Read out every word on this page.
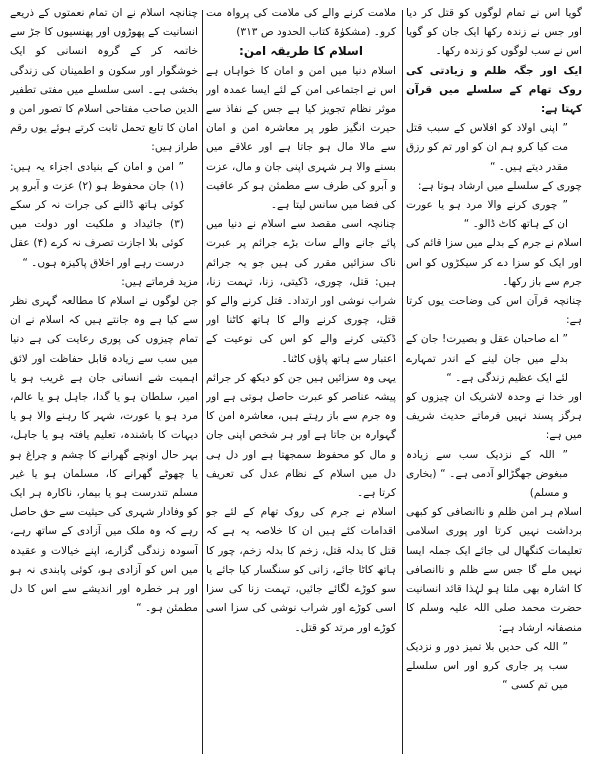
گویا اس نے تمام لوگوں کو قتل کر دیا اور جس نے زندہ رکھا ایک جان کو گویا اس نے سب لوگوں کو زندہ رکھا۔

ایک اور جگہ ظلم و زیادتی کی روک تھام کے سلسلے میں قرآن کہتا ہے:

” اپنی اولاد کو افلاس کے سبب قتل مت کیا کرو ہم ان کو اور تم کو رزق مقدر دیتے ہیں۔ “

چوری کے سلسلے میں ارشاد ہوتا ہے:

” چوری کرنے والا مرد ہو یا عورت ان کے ہاتھ کاٹ ڈالو۔ “

اسلام نے جرم کے بدلے میں سزا قائم کی اور ایک کو سزا دے کر سیکڑوں کو اس جرم سے باز رکھا۔

چنانچہ قرآن اس کی وضاحت یوں کرتا ہے:

” اے صاحبان عقل و بصیرت! جان کے بدلے میں جان لینے کے اندر تمہارے لئے ایک عظیم زندگی ہے۔ “

اور خدا نے وحدہ لاشریک ان چیزوں کو ہرگز پسند نہیں فرماتے حدیث شریف میں ہے:

” اللہ کے نزدیک سب سے زیادہ مبغوض جھگڑالو آدمی ہے۔ “ (بخاری و مسلم)

اسلام ہر امن ظلم و ناانصافی کو کبھی برداشت نہیں کرتا اور پوری اسلامی تعلیمات کنگھال لی جائے ایک جملہ ایسا نہیں ملے گا جس سے ظلم و ناانصافی کا اشارہ بھی ملتا ہو لہٰذا قائد انسانیت حضرت محمد صلی اللہ علیہ وسلم کا منصفانہ ارشاد ہے:

” اللہ کی حدیں بلا تمیز دور و نزدیک سب پر جاری کرو اور اس سلسلے میں تم کسی “

ملامت کرنے والے کی ملامت کی پرواہ مت کرو۔ (مشکوٰۃ کتاب الحدود ص ۳۱۳)

اسلام کا طریقہ امن:

اسلام دنیا میں امن و امان کا خواہاں ہے اس نے اجتماعی امن کے لئے ایسا عمدہ اور موثر نظام تجویز کیا ہے جس کے نفاذ سے حیرت انگیز طور پر معاشرہ امن و امان سے مالا مال ہو جاتا ہے اور علاقے میں بسنے والا ہر شہری اپنی جان و مال، عزت و آبرو کی طرف سے مطمئن ہو کر عافیت کی فضا میں سانس لیتا ہے۔

چنانچہ اسی مقصد سے اسلام نے دنیا میں پائے جانے والے سات بڑے جرائم پر عبرت ناک سزائیں مقرر کی ہیں جو یہ جرائم ہیں: قتل، چوری، ڈکیتی، زنا، تہمت زنا، شراب نوشی اور ارتداد۔ قتل کرنے والے کو قتل، چوری کرنے والے کا ہاتھ کاٹنا اور ڈکیتی کرنے والے کو اس کی نوعیت کے اعتبار سے ہاتھ پاؤں کاٹنا۔

یہی وہ سزائیں ہیں جن کو دیکھ کر جرائم پیشہ عناصر کو عبرت حاصل ہوتی ہے اور وہ جرم سے باز رہتے ہیں، معاشرہ امن کا گہوارہ بن جاتا ہے اور ہر شخص اپنی جان و مال کو محفوظ سمجھتا ہے اور دل ہی دل میں اسلام کے نظام عدل کی تعریف کرتا ہے۔

اسلام نے جرم کی روک تھام کے لئے جو اقدامات کئے ہیں ان کا خلاصہ یہ ہے کہ قتل کا بدلہ قتل، زخم کا بدلہ زخم، چور کا ہاتھ کاٹا جائے، زانی کو سنگسار کیا جائے یا سو کوڑے لگائے جائیں، تہمت زنا کی سزا اسی کوڑے اور شراب نوشی کی سزا اسی کوڑے اور مرتد کو قتل۔

چنانچہ اسلام نے ان تمام نعمتوں کے ذریعے انسانیت کے پھوڑوں اور پھنسیوں کا جڑ سے خاتمہ کر کے گروہ انسانی کو ایک خوشگوار اور سکون و اطمینان کی زندگی بخشی ہے۔ اسی سلسلے میں مفتی تطفیر الدین صاحب مفتاحی اسلام کا تصور امن و امان کا تابع تحمل ثابت کرتے ہوئے یوں رقم طراز ہیں:

” امن و امان کے بنیادی اجزاء یہ ہیں: (۱) جان محفوظ ہو (۲) عزت و آبرو پر کوئی ہاتھ ڈالنے کی جرات نہ کر سکے (۳) جائیداد و ملکیت اور دولت میں کوئی بلا اجازت تصرف نہ کرے (۴) عقل درست رہے اور اخلاق پاکیزہ ہوں۔ “

مزید فرماتے ہیں:

جن لوگوں نے اسلام کا مطالعہ گہری نظر سے کیا ہے وہ جانتے ہیں کہ اسلام نے ان تمام چیزوں کی پوری رعایت کی ہے دنیا میں سب سے زیادہ قابل حفاظت اور لائق اہمیت شے انسانی جان ہے غریب ہو یا امیر، سلطان ہو یا گدا، جاہل ہو یا عالم، مرد ہو یا عورت، شہر کا رہنے والا ہو یا دیہات کا باشندہ، تعلیم یافتہ ہو یا جاہل، بہر حال اونچے گھرانے کا چشم و چراغ ہو یا چھوٹے گھرانے کا، مسلمان ہو یا غیر مسلم تندرست ہو یا بیمار، ناکارہ ہر ایک کو وفادار شہری کی حیثیت سے حق حاصل رہے کہ وہ ملک میں آزادی کے ساتھ رہے، آسودہ زندگی گزارے، اپنے خیالات و عقیدہ میں اس کو آزادی ہو، کوئی پابندی نہ ہو اور ہر خطرہ اور اندیشے سے اس کا دل مطمئن ہو۔ “
